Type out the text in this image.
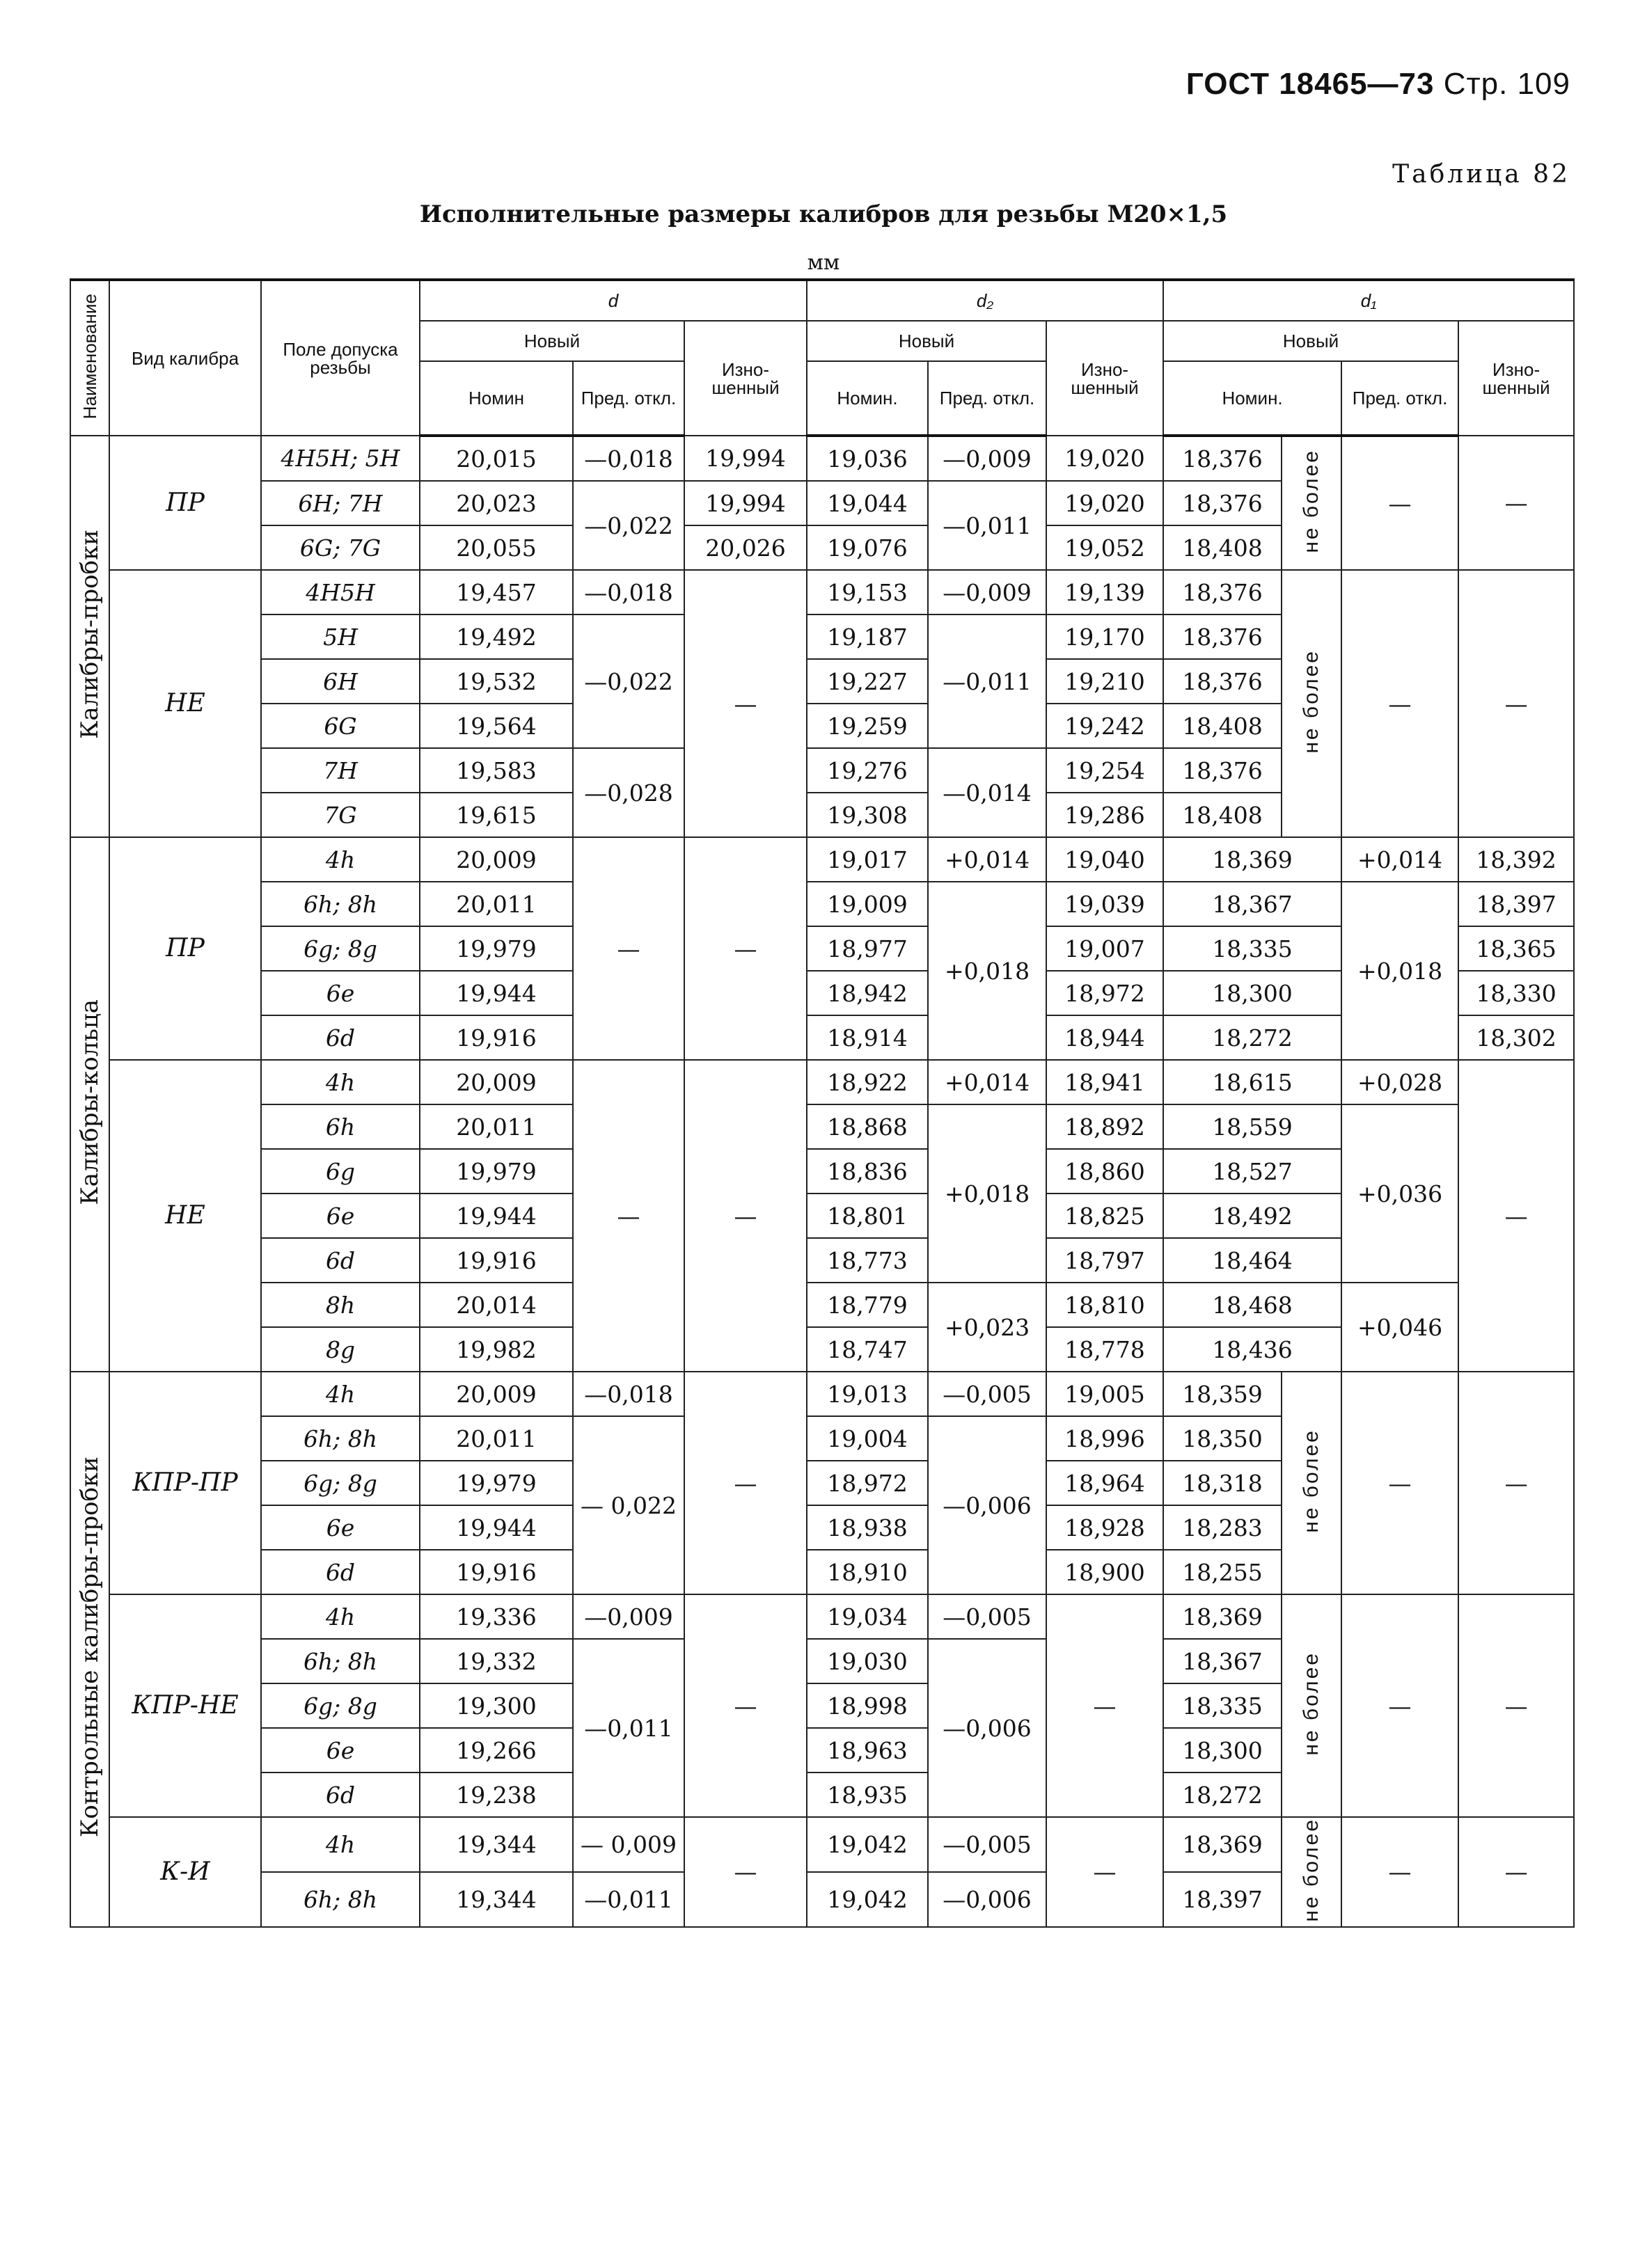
ГОСТ 18465—73 Стр. 109
Таблица 82
Исполнительные размеры калибров для резьбы М20×1,5
мм
Наименование	Вид калибра	Поле допуска резьбы	d			d₂			d₁			
			Новый		Изно-шенный	Новый		Изно-шенный	Новый			Изно-шенный
			Номин	Пред. откл.		Номин.	Пред. откл.		Номин.		Пред. откл.	
Калибры-пробки	ПР	4H5H; 5H	20,015	—0,018	19,994	19,036	—0,009	19,020	18,376	не более	—	—
		6H; 7H	20,023	—0,022	19,994	19,044	—0,011	19,020	18,376			
		6G; 7G	20,055		20,026	19,076		19,052	18,408			
	НЕ	4H5H	19,457	—0,018	—	19,153	—0,009	19,139	18,376	не более	—	—
		5H	19,492	—0,022		19,187	—0,011	19,170	18,376			
		6H	19,532			19,227		19,210	18,376			
		6G	19,564			19,259		19,242	18,408			
		7H	19,583	—0,028		19,276	—0,014	19,254	18,376			
		7G	19,615			19,308		19,286	18,408			
Калибры-кольца	ПР	4h	20,009	—	—	19,017	+0,014	19,040	18,369		+0,014	18,392
		6h; 8h	20,011			19,009	+0,018	19,039	18,367		+0,018	18,397
		6g; 8g	19,979			18,977		19,007	18,335			18,365
		6e	19,944			18,942		18,972	18,300			18,330
		6d	19,916			18,914		18,944	18,272			18,302
	НЕ	4h	20,009	—	—	18,922	+0,014	18,941	18,615		+0,028	—
		6h	20,011			18,868	+0,018	18,892	18,559		+0,036	
		6g	19,979			18,836		18,860	18,527			
		6e	19,944			18,801		18,825	18,492			
		6d	19,916			18,773		18,797	18,464			
		8h	20,014			18,779	+0,023	18,810	18,468		+0,046	
		8g	19,982			18,747		18,778	18,436			
Контрольные калибры-пробки	КПР-ПР	4h	20,009	—0,018	—	19,013	—0,005	19,005	18,359	не более	—	—
		6h; 8h	20,011	— 0,022		19,004	—0,006	18,996	18,350			
		6g; 8g	19,979			18,972		18,964	18,318			
		6e	19,944			18,938		18,928	18,283			
		6d	19,916			18,910		18,900	18,255			
	КПР-НЕ	4h	19,336	—0,009	—	19,034	—0,005	—	18,369	не более	—	—
		6h; 8h	19,332	—0,011		19,030	—0,006		18,367			
		6g; 8g	19,300			18,998			18,335			
		6e	19,266			18,963			18,300			
		6d	19,238			18,935			18,272			
	К-И	4h	19,344	— 0,009	—	19,042	—0,005	—	18,369	не более	—	—
		6h; 8h	19,344	—0,011		19,042	—0,006		18,397			
